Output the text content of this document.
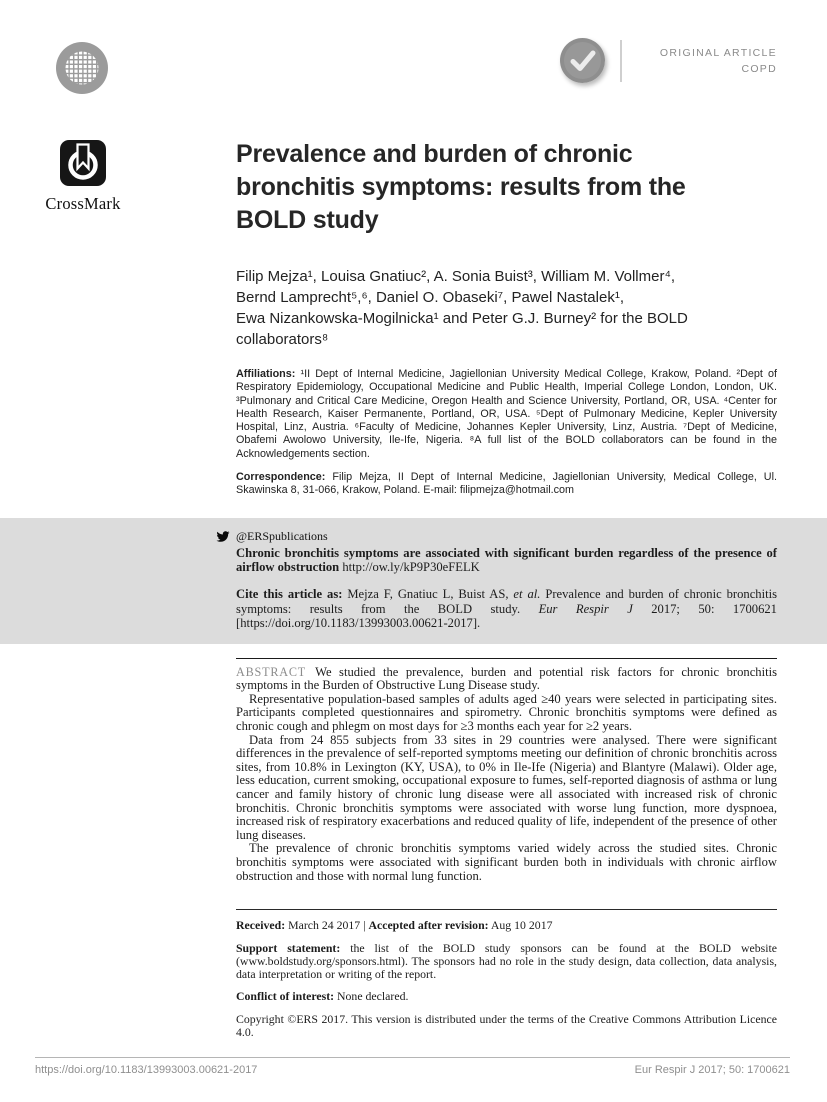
ORIGINAL ARTICLE
COPD
CrossMark
Prevalence and burden of chronic
bronchitis symptoms: results from the
BOLD study
Filip Mejza¹, Louisa Gnatiuc², A. Sonia Buist³, William M. Vollmer⁴,
Bernd Lamprecht⁵,⁶, Daniel O. Obaseki⁷, Pawel Nastalek¹,
Ewa Nizankowska-Mogilnicka¹ and Peter G.J. Burney² for the BOLD
collaborators⁸

Affiliations: ¹II Dept of Internal Medicine, Jagiellonian University Medical College, Krakow, Poland. ²Dept of Respiratory Epidemiology, Occupational Medicine and Public Health, Imperial College London, London, UK. ³Pulmonary and Critical Care Medicine, Oregon Health and Science University, Portland, OR, USA. ⁴Center for Health Research, Kaiser Permanente, Portland, OR, USA. ⁵Dept of Pulmonary Medicine, Kepler University Hospital, Linz, Austria. ⁶Faculty of Medicine, Johannes Kepler University, Linz, Austria. ⁷Dept of Medicine, Obafemi Awolowo University, Ile-Ife, Nigeria. ⁸A full list of the BOLD collaborators can be found in the Acknowledgements section.

Correspondence: Filip Mejza, II Dept of Internal Medicine, Jagiellonian University, Medical College, Ul. Skawinska 8, 31-066, Krakow, Poland. E-mail: filipmejza@hotmail.com

@ERSpublications

Chronic bronchitis symptoms are associated with significant burden regardless of the presence of airflow obstruction http://ow.ly/kP9P30eFELK

Cite this article as: Mejza F, Gnatiuc L, Buist AS, et al. Prevalence and burden of chronic bronchitis symptoms: results from the BOLD study. Eur Respir J 2017; 50: 1700621 [https://doi.org/10.1183/13993003.00621-2017].

ABSTRACT We studied the prevalence, burden and potential risk factors for chronic bronchitis symptoms in the Burden of Obstructive Lung Disease study.

Representative population-based samples of adults aged ≥40 years were selected in participating sites. Participants completed questionnaires and spirometry. Chronic bronchitis symptoms were defined as chronic cough and phlegm on most days for ≥3 months each year for ≥2 years.

Data from 24 855 subjects from 33 sites in 29 countries were analysed. There were significant differences in the prevalence of self-reported symptoms meeting our definition of chronic bronchitis across sites, from 10.8% in Lexington (KY, USA), to 0% in Ile-Ife (Nigeria) and Blantyre (Malawi). Older age, less education, current smoking, occupational exposure to fumes, self-reported diagnosis of asthma or lung cancer and family history of chronic lung disease were all associated with increased risk of chronic bronchitis. Chronic bronchitis symptoms were associated with worse lung function, more dyspnoea, increased risk of respiratory exacerbations and reduced quality of life, independent of the presence of other lung diseases.

The prevalence of chronic bronchitis symptoms varied widely across the studied sites. Chronic bronchitis symptoms were associated with significant burden both in individuals with chronic airflow obstruction and those with normal lung function.

Received: March 24 2017 | Accepted after revision: Aug 10 2017

Support statement: the list of the BOLD study sponsors can be found at the BOLD website (www.boldstudy.org/sponsors.html). The sponsors had no role in the study design, data collection, data analysis, data interpretation or writing of the report.

Conflict of interest: None declared.

Copyright ©ERS 2017. This version is distributed under the terms of the Creative Commons Attribution Licence 4.0.

https://doi.org/10.1183/13993003.00621-2017	Eur Respir J 2017; 50: 1700621
